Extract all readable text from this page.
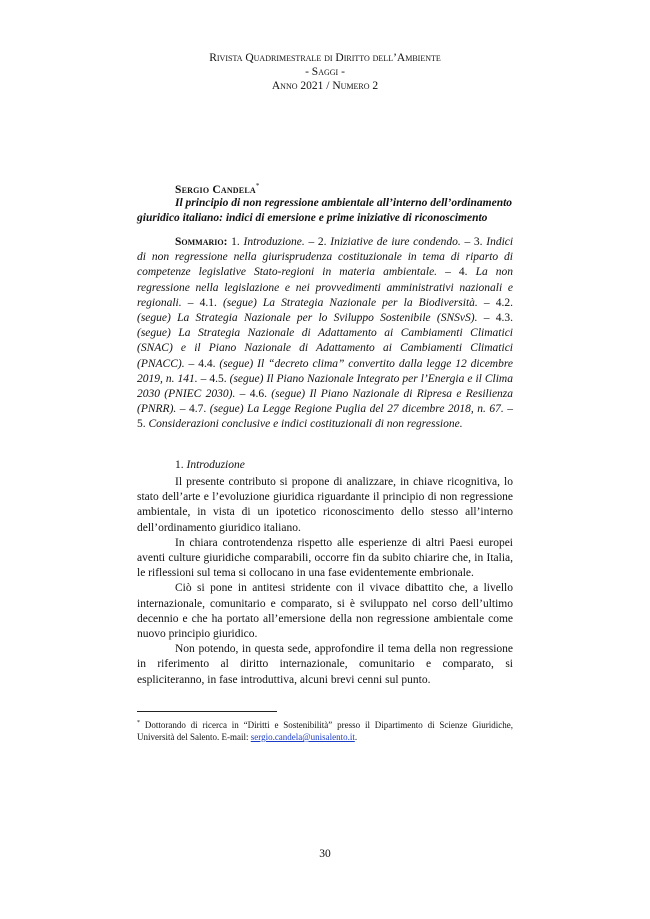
Rivista Quadrimestrale di Diritto dell’Ambiente
- Saggi -
Anno 2021 / Numero 2
Sergio Candela*
Il principio di non regressione ambientale all’interno dell’ordinamento
giuridico italiano: indici di emersione e prime iniziative di riconoscimento

Sommario: 1. Introduzione. – 2. Iniziative de iure condendo. – 3. Indici di non regressione nella giurisprudenza costituzionale in tema di riparto di competenze legislative Stato-regioni in materia ambientale. – 4. La non regressione nella legislazione e nei provvedimenti amministrativi nazionali e regionali. – 4.1. (segue) La Strategia Nazionale per la Biodiversità. – 4.2. (segue) La Strategia Nazionale per lo Sviluppo Sostenibile (SNSvS). – 4.3. (segue) La Strategia Nazionale di Adattamento ai Cambiamenti Climatici (SNAC) e il Piano Nazionale di Adattamento ai Cambiamenti Climatici (PNACC). – 4.4. (segue) Il “decreto clima” convertito dalla legge 12 dicembre 2019, n. 141. – 4.5. (segue) Il Piano Nazionale Integrato per l’Energia e il Clima 2030 (PNIEC 2030). – 4.6. (segue) Il Piano Nazionale di Ripresa e Resilienza (PNRR). – 4.7. (segue) La Legge Regione Puglia del 27 dicembre 2018, n. 67. – 5. Considerazioni conclusive e indici costituzionali di non regressione.

1. Introduzione

Il presente contributo si propone di analizzare, in chiave ricognitiva, lo stato dell’arte e l’evoluzione giuridica riguardante il principio di non regressione ambientale, in vista di un ipotetico riconoscimento dello stesso all’interno dell’ordinamento giuridico italiano.

In chiara controtendenza rispetto alle esperienze di altri Paesi europei aventi culture giuridiche comparabili, occorre fin da subito chiarire che, in Italia, le riflessioni sul tema si collocano in una fase evidentemente embrionale.

Ciò si pone in antitesi stridente con il vivace dibattito che, a livello internazionale, comunitario e comparato, si è sviluppato nel corso dell’ultimo decennio e che ha portato all’emersione della non regressione ambientale come nuovo principio giuridico.

Non potendo, in questa sede, approfondire il tema della non regressione in riferimento al diritto internazionale, comunitario e comparato, si espliciteranno, in fase introduttiva, alcuni brevi cenni sul punto.

* Dottorando di ricerca in “Diritti e Sostenibilità” presso il Dipartimento di Scienze Giuridiche, Università del Salento. E-mail: sergio.candela@unisalento.it.
30
